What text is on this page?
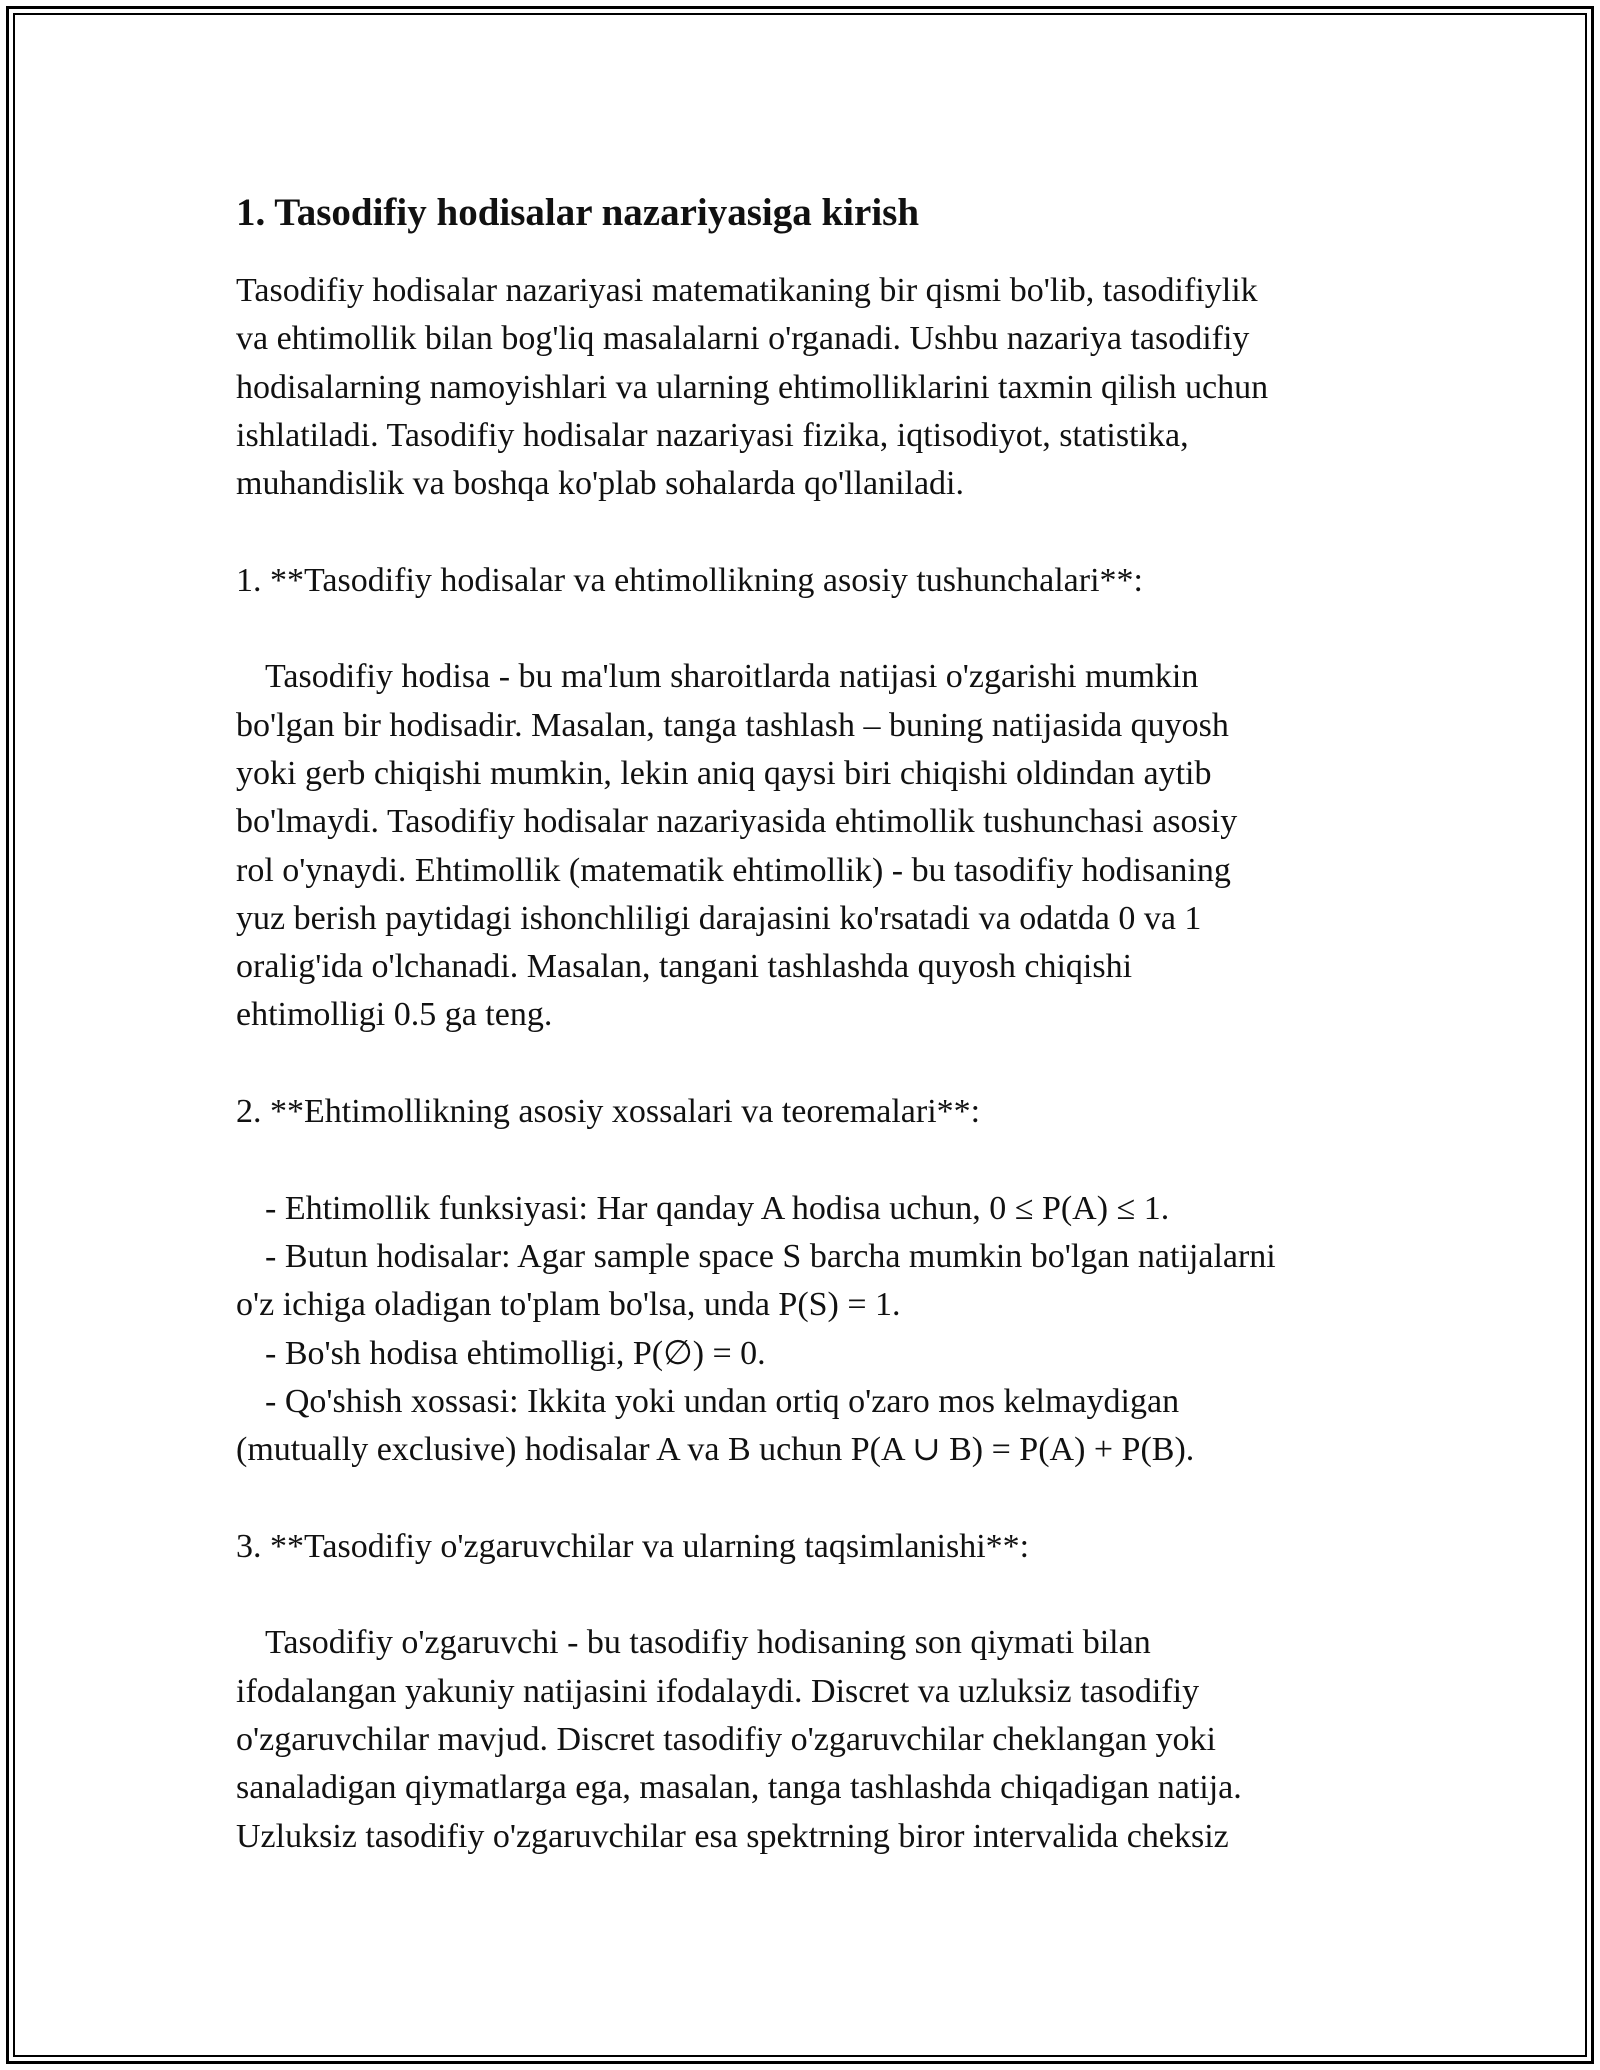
1. Tasodifiy hodisalar nazariyasiga kirish

Tasodifiy hodisalar nazariyasi matematikaning bir qismi bo'lib, tasodifiylik

va ehtimollik bilan bog'liq masalalarni o'rganadi. Ushbu nazariya tasodifiy

hodisalarning namoyishlari va ularning ehtimolliklarini taxmin qilish uchun

ishlatiladi. Tasodifiy hodisalar nazariyasi fizika, iqtisodiyot, statistika,

muhandislik va boshqa ko'plab sohalarda qo'llaniladi.

1. **Tasodifiy hodisalar va ehtimollikning asosiy tushunchalari**:

Tasodifiy hodisa - bu ma'lum sharoitlarda natijasi o'zgarishi mumkin

bo'lgan bir hodisadir. Masalan, tanga tashlash – buning natijasida quyosh

yoki gerb chiqishi mumkin, lekin aniq qaysi biri chiqishi oldindan aytib

bo'lmaydi. Tasodifiy hodisalar nazariyasida ehtimollik tushunchasi asosiy

rol o'ynaydi. Ehtimollik (matematik ehtimollik) - bu tasodifiy hodisaning

yuz berish paytidagi ishonchliligi darajasini ko'rsatadi va odatda 0 va 1

oralig'ida o'lchanadi. Masalan, tangani tashlashda quyosh chiqishi

ehtimolligi 0.5 ga teng.

2. **Ehtimollikning asosiy xossalari va teoremalari**:

- Ehtimollik funksiyasi: Har qanday A hodisa uchun, 0 ≤ P(A) ≤ 1.

- Butun hodisalar: Agar sample space S barcha mumkin bo'lgan natijalarni

o'z ichiga oladigan to'plam bo'lsa, unda P(S) = 1.

- Bo'sh hodisa ehtimolligi, P(∅) = 0.

- Qo'shish xossasi: Ikkita yoki undan ortiq o'zaro mos kelmaydigan

(mutually exclusive) hodisalar A va B uchun P(A ∪ B) = P(A) + P(B).

3. **Tasodifiy o'zgaruvchilar va ularning taqsimlanishi**:

Tasodifiy o'zgaruvchi - bu tasodifiy hodisaning son qiymati bilan

ifodalangan yakuniy natijasini ifodalaydi. Discret va uzluksiz tasodifiy

o'zgaruvchilar mavjud. Discret tasodifiy o'zgaruvchilar cheklangan yoki

sanaladigan qiymatlarga ega, masalan, tanga tashlashda chiqadigan natija.

Uzluksiz tasodifiy o'zgaruvchilar esa spektrning biror intervalida cheksiz
